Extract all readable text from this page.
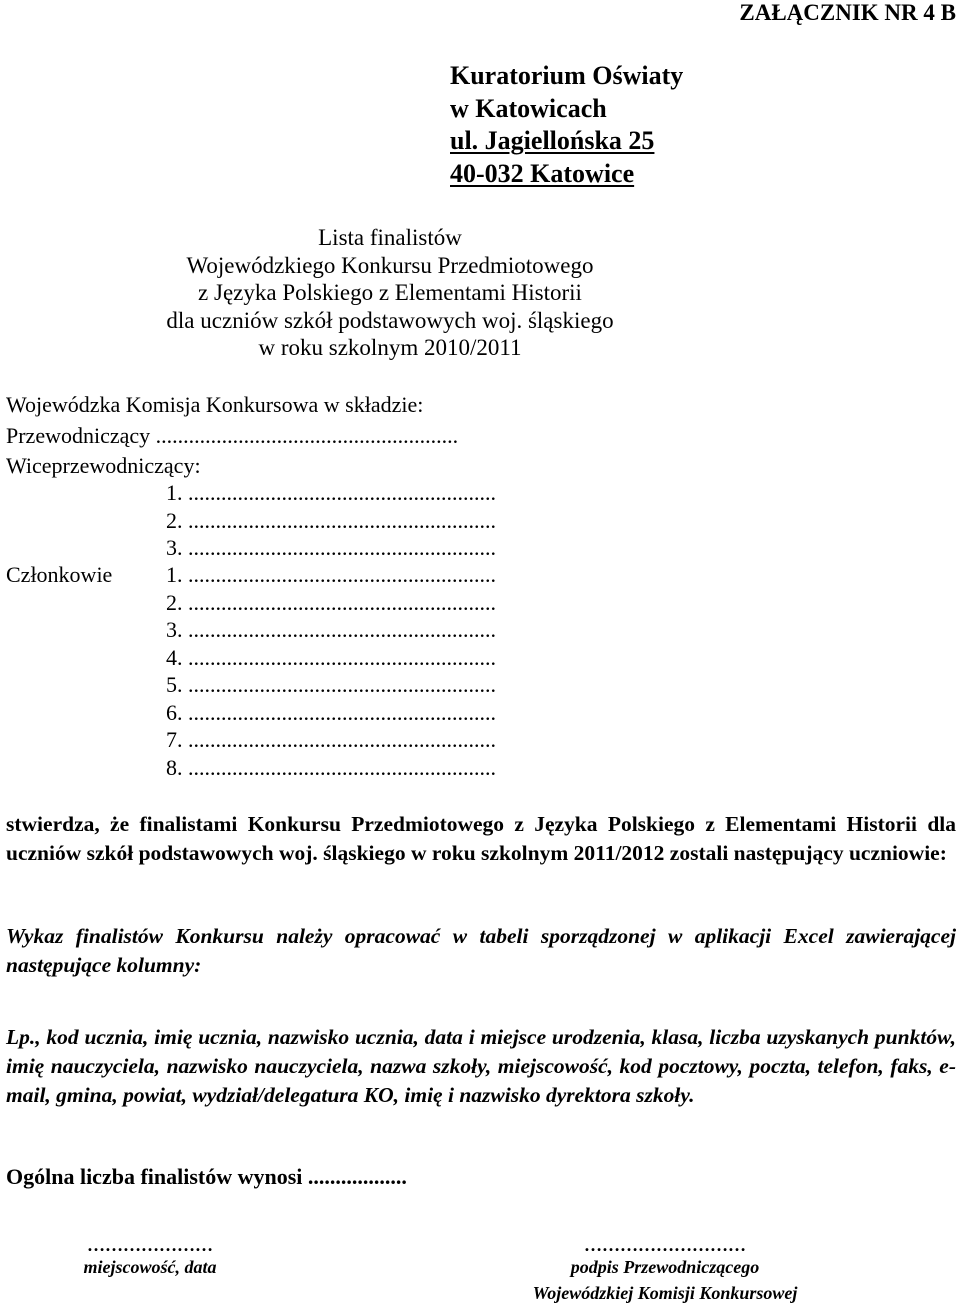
ZAŁĄCZNIK NR 4 B
Kuratorium Oświaty
w Katowicach
ul. Jagiellońska 25
40-032 Katowice
Lista finalistów
Wojewódzkiego Konkursu Przedmiotowego
z Języka Polskiego z Elementami Historii
dla uczniów szkół podstawowych woj. śląskiego
w roku szkolnym 2010/2011
Wojewódzka Komisja Konkursowa w składzie:
Przewodniczący .......................................................
Wiceprzewodniczący:
1. ........................................................
2. ........................................................
3. ........................................................
Członkowie 1. ........................................................
2. ........................................................
3. ........................................................
4. ........................................................
5. ........................................................
6. ........................................................
7. ........................................................
8. ........................................................
stwierdza, że finalistami Konkursu Przedmiotowego z Języka Polskiego z Elementami Historii dla uczniów szkół podstawowych woj. śląskiego w roku szkolnym 2011/2012 zostali następujący uczniowie:
Wykaz finalistów Konkursu należy opracować w tabeli sporządzonej w aplikacji Excel zawierającej następujące kolumny:
Lp., kod ucznia, imię ucznia, nazwisko ucznia, data i miejsce urodzenia, klasa, liczba uzyskanych punktów, imię nauczyciela, nazwisko nauczyciela, nazwa szkoły, miejscowość, kod pocztowy, poczta, telefon, faks, e-mail, gmina, powiat, wydział/delegatura KO, imię i nazwisko dyrektora szkoły.
Ogólna liczba finalistów wynosi ..................
…………………
miejscowość, data
………………………
podpis Przewodniczącego
Wojewódzkiej Komisji Konkursowej
